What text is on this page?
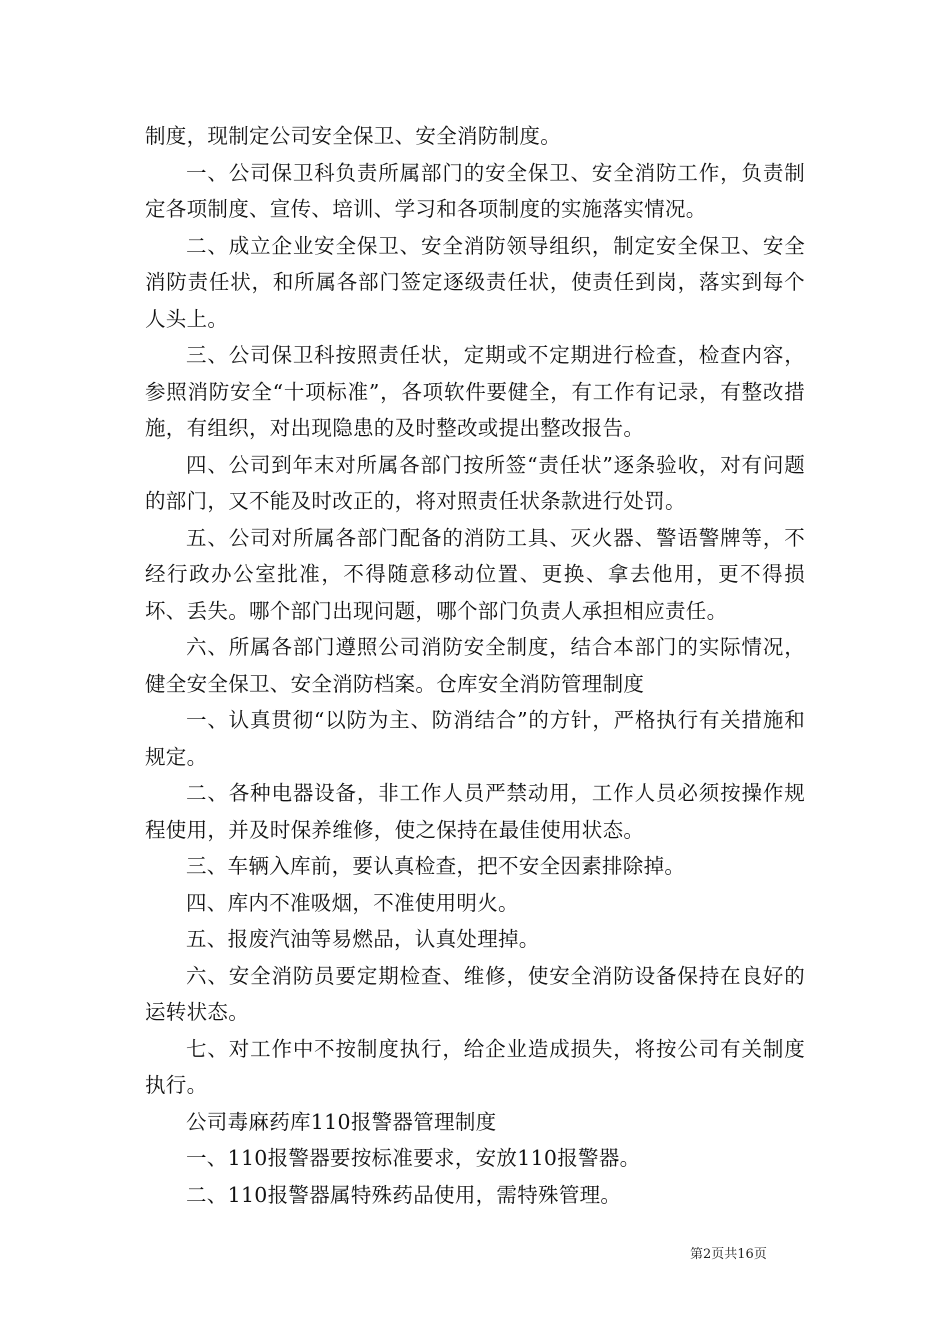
制度，现制定公司安全保卫、安全消防制度。

一、公司保卫科负责所属部门的安全保卫、安全消防工作，负责制定各项制度、宣传、培训、学习和各项制度的实施落实情况。

二、成立企业安全保卫、安全消防领导组织，制定安全保卫、安全消防责任状，和所属各部门签定逐级责任状，使责任到岗，落实到每个人头上。

三、公司保卫科按照责任状，定期或不定期进行检查，检查内容，参照消防安全“十项标准”，各项软件要健全，有工作有记录，有整改措施，有组织，对出现隐患的及时整改或提出整改报告。

四、公司到年末对所属各部门按所签“责任状”逐条验收，对有问题的部门，又不能及时改正的，将对照责任状条款进行处罚。

五、公司对所属各部门配备的消防工具、灭火器、警语警牌等，不经行政办公室批准，不得随意移动位置、更换、拿去他用，更不得损坏、丢失。哪个部门出现问题，哪个部门负责人承担相应责任。

六、所属各部门遵照公司消防安全制度，结合本部门的实际情况，健全安全保卫、安全消防档案。仓库安全消防管理制度

一、认真贯彻“以防为主、防消结合”的方针，严格执行有关措施和规定。

二、各种电器设备，非工作人员严禁动用，工作人员必须按操作规程使用，并及时保养维修，使之保持在最佳使用状态。

三、车辆入库前，要认真检查，把不安全因素排除掉。

四、库内不准吸烟，不准使用明火。

五、报废汽油等易燃品，认真处理掉。

六、安全消防员要定期检查、维修，使安全消防设备保持在良好的运转状态。

七、对工作中不按制度执行，给企业造成损失，将按公司有关制度执行。

公司毒麻药库110报警器管理制度

一、110报警器要按标准要求，安放110报警器。

二、110报警器属特殊药品使用，需特殊管理。

第2页共16页
